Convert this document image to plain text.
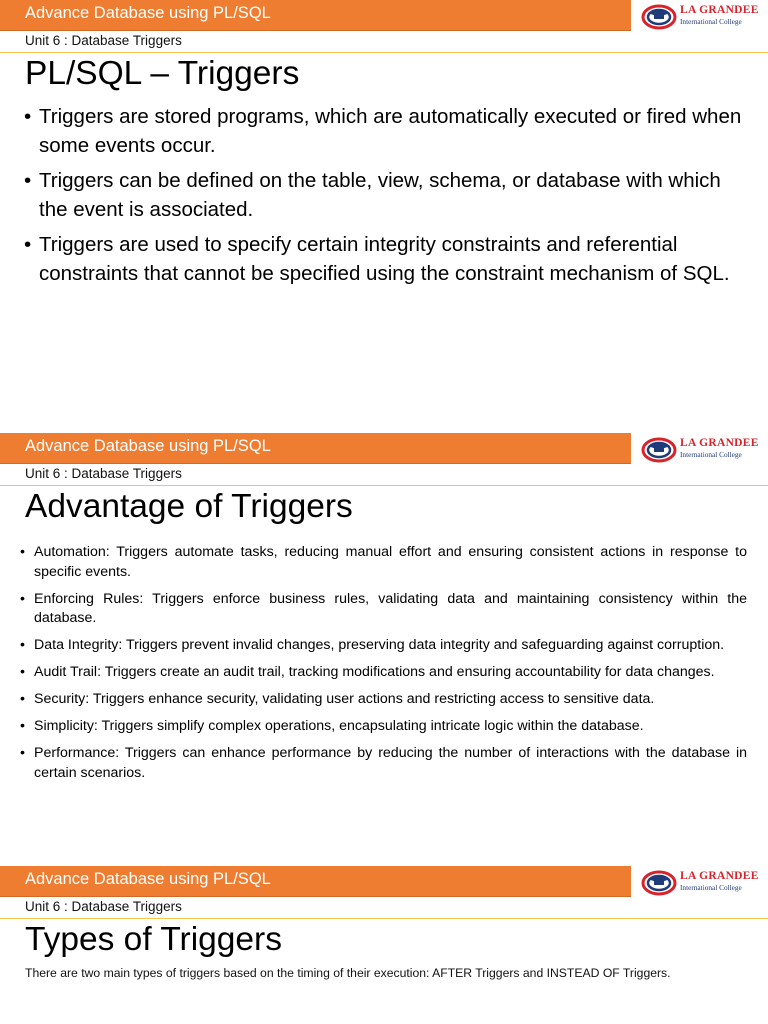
Advance Database using PL/SQL	LA GRANDEE
International College
Unit 6 : Database Triggers
PL/SQL – Triggers
• Triggers are stored programs, which are automatically executed or fired when some events occur.
• Triggers can be defined on the table, view, schema, or database with which the event is associated.
• Triggers are used to specify certain integrity constraints and referential constraints that cannot be specified using the constraint mechanism of SQL.
Advance Database using PL/SQL	LA GRANDEE
International College
Unit 6 : Database Triggers
Advantage of Triggers
• Automation: Triggers automate tasks, reducing manual effort and ensuring consistent actions in response to specific events.
• Enforcing Rules: Triggers enforce business rules, validating data and maintaining consistency within the database.
• Data Integrity: Triggers prevent invalid changes, preserving data integrity and safeguarding against corruption.
• Audit Trail: Triggers create an audit trail, tracking modifications and ensuring accountability for data changes.
• Security: Triggers enhance security, validating user actions and restricting access to sensitive data.
• Simplicity: Triggers simplify complex operations, encapsulating intricate logic within the database.
• Performance: Triggers can enhance performance by reducing the number of interactions with the database in certain scenarios.
Advance Database using PL/SQL	LA GRANDEE
International College
Unit 6 : Database Triggers
Types of Triggers
There are two main types of triggers based on the timing of their execution: AFTER Triggers and INSTEAD OF Triggers.
